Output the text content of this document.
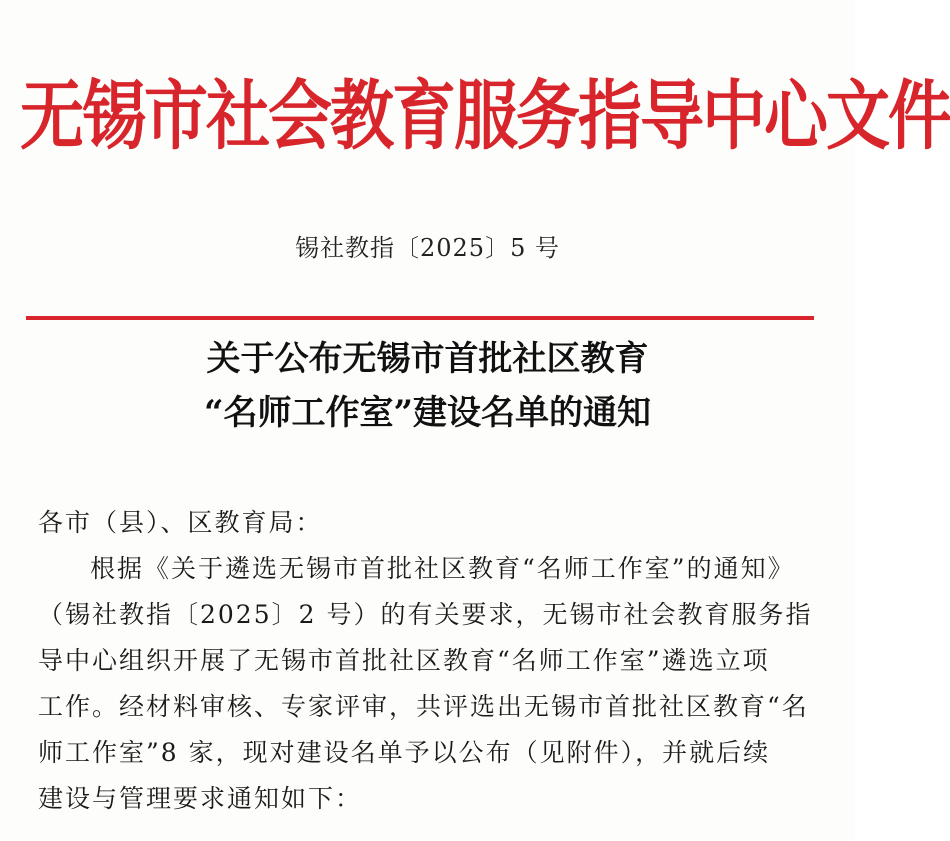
无锡市社会教育服务指导中心文件
锡社教指〔2025〕5 号
关于公布无锡市首批社区教育
“名师工作室”建设名单的通知
各市（县）、区教育局：
根据《关于遴选无锡市首批社区教育“名师工作室”的通知》
（锡社教指〔2025〕2 号）的有关要求，无锡市社会教育服务指
导中心组织开展了无锡市首批社区教育“名师工作室”遴选立项
工作。经材料审核、专家评审，共评选出无锡市首批社区教育“名
师工作室”8 家，现对建设名单予以公布（见附件），并就后续
建设与管理要求通知如下：
